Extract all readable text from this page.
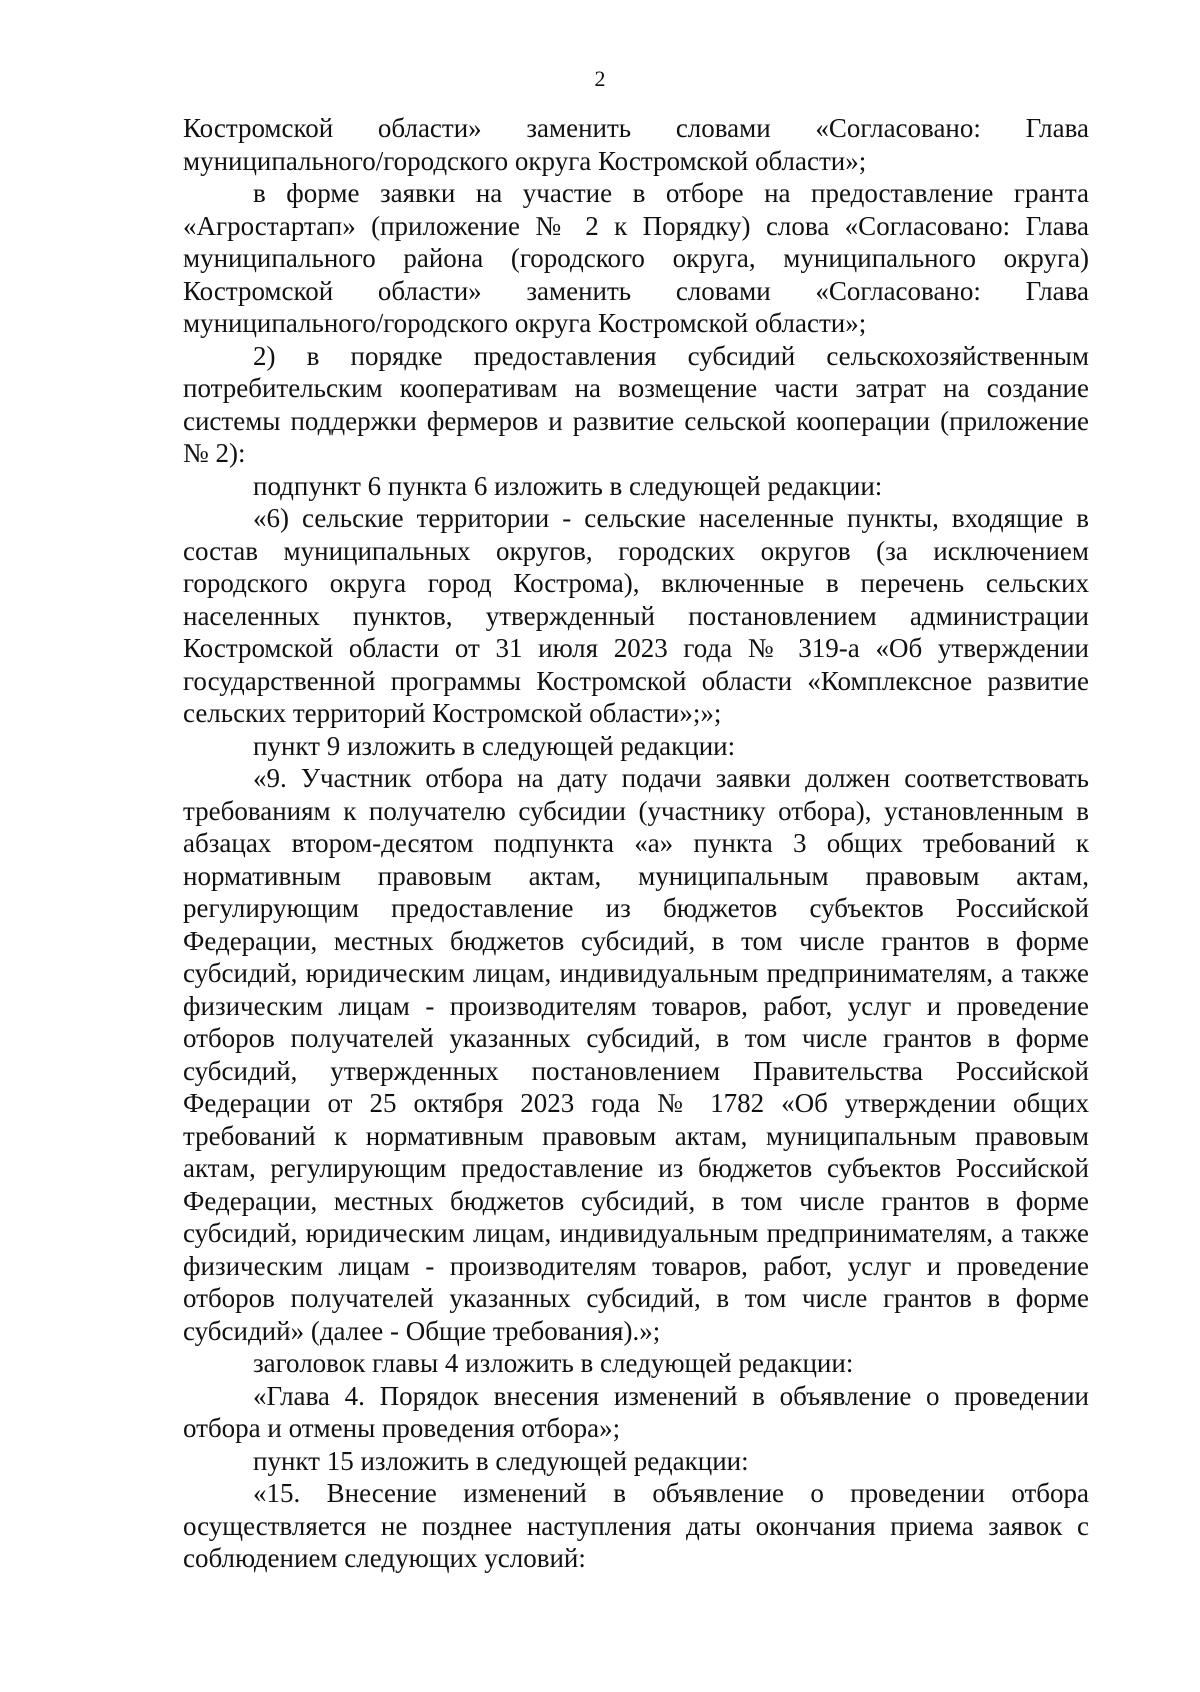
2

Костромской области» заменить словами «Согласовано: Глава муниципального/городского округа Костромской области»;

в форме заявки на участие в отборе на предоставление гранта «Агростартап» (приложение № 2 к Порядку) слова «Согласовано: Глава муниципального района (городского округа, муниципального округа) Костромской области» заменить словами «Согласовано: Глава муниципального/городского округа Костромской области»;

2) в порядке предоставления субсидий сельскохозяйственным потребительским кооперативам на возмещение части затрат на создание системы поддержки фермеров и развитие сельской кооперации (приложение № 2):

подпункт 6 пункта 6 изложить в следующей редакции:

«6) сельские территории - сельские населенные пункты, входящие в состав муниципальных округов, городских округов (за исключением городского округа город Кострома), включенные в перечень сельских населенных пунктов, утвержденный постановлением администрации Костромской области от 31 июля 2023 года № 319-а «Об утверждении государственной программы Костромской области «Комплексное развитие сельских территорий Костромской области»;»;

пункт 9 изложить в следующей редакции:

«9. Участник отбора на дату подачи заявки должен соответствовать требованиям к получателю субсидии (участнику отбора), установленным в абзацах втором-десятом подпункта «а» пункта 3 общих требований к нормативным правовым актам, муниципальным правовым актам, регулирующим предоставление из бюджетов субъектов Российской Федерации, местных бюджетов субсидий, в том числе грантов в форме субсидий, юридическим лицам, индивидуальным предпринимателям, а также физическим лицам - производителям товаров, работ, услуг и проведение отборов получателей указанных субсидий, в том числе грантов в форме субсидий, утвержденных постановлением Правительства Российской Федерации от 25 октября 2023 года № 1782 «Об утверждении общих требований к нормативным правовым актам, муниципальным правовым актам, регулирующим предоставление из бюджетов субъектов Российской Федерации, местных бюджетов субсидий, в том числе грантов в форме субсидий, юридическим лицам, индивидуальным предпринимателям, а также физическим лицам - производителям товаров, работ, услуг и проведение отборов получателей указанных субсидий, в том числе грантов в форме субсидий» (далее - Общие требования).»;

заголовок главы 4 изложить в следующей редакции:

«Глава 4. Порядок внесения изменений в объявление о проведении отбора и отмены проведения отбора»;

пункт 15 изложить в следующей редакции:

«15. Внесение изменений в объявление о проведении отбора осуществляется не позднее наступления даты окончания приема заявок с соблюдением следующих условий:
